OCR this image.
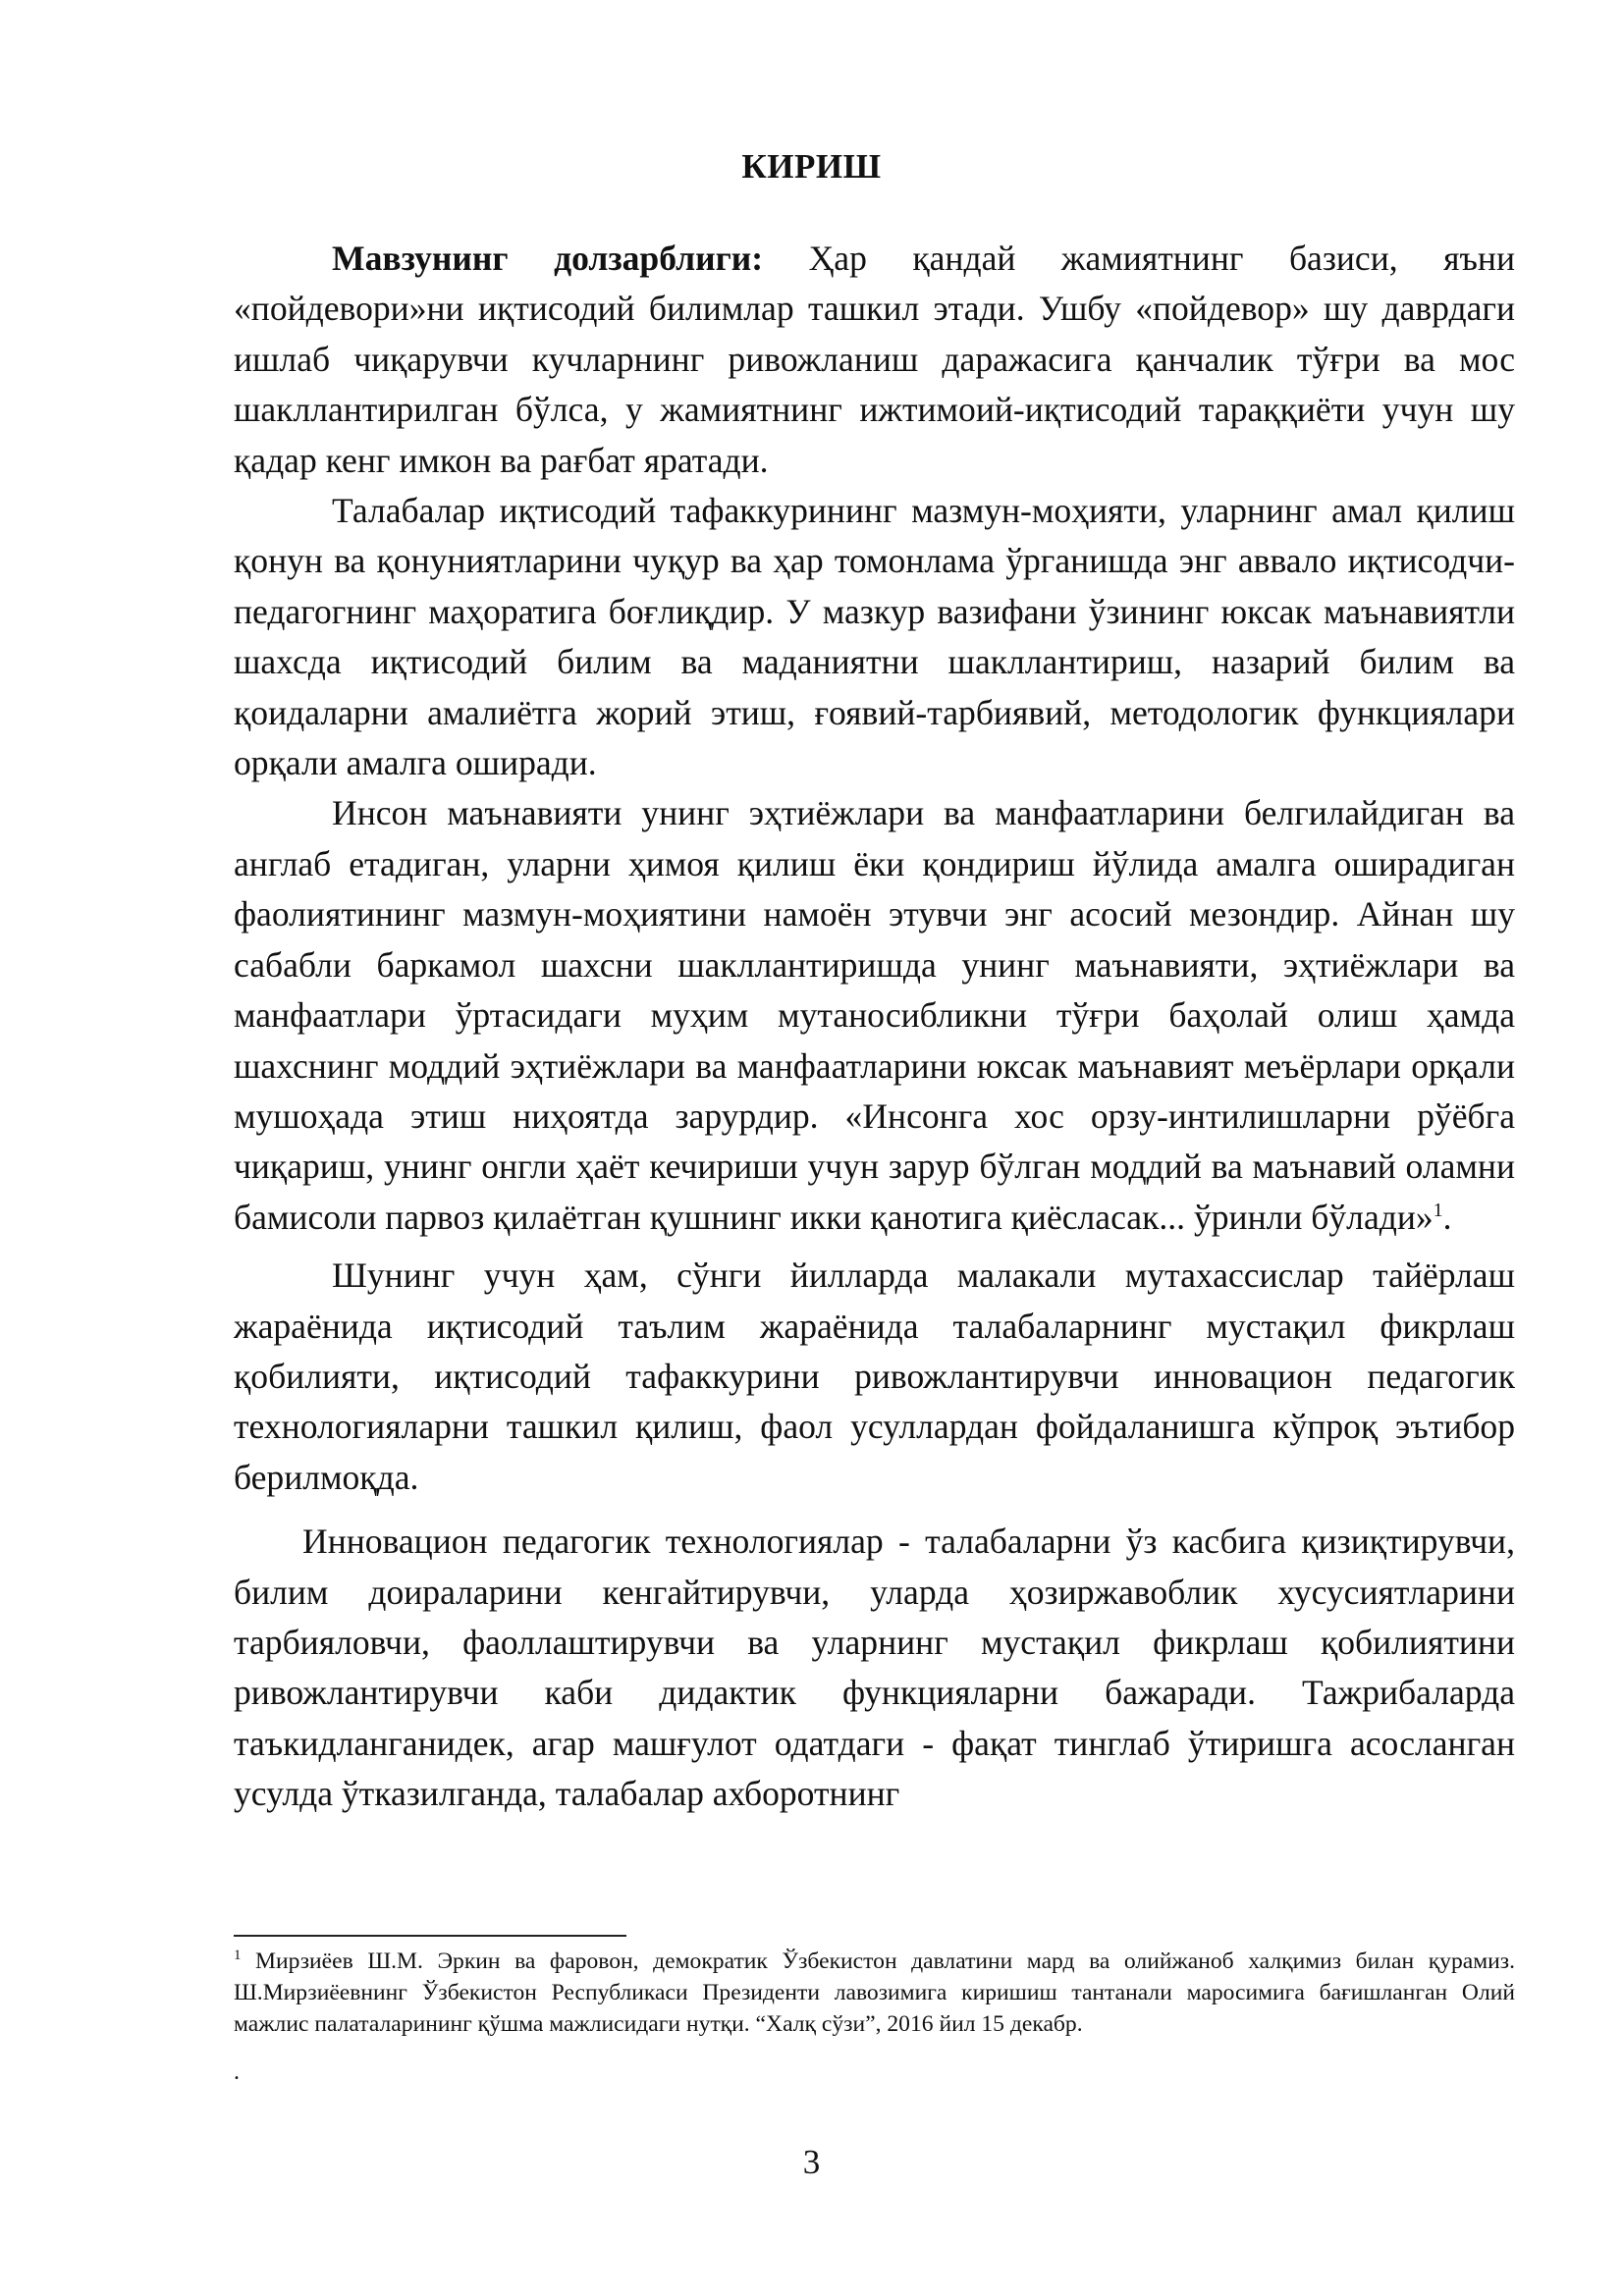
КИРИШ

Мавзунинг долзарблиги: Ҳар қандай жамиятнинг базиси, яъни «пойдевори»ни иқтисодий билимлар ташкил этади. Ушбу «пойдевор» шу даврдаги ишлаб чиқарувчи кучларнинг ривожланиш даражасига қанчалик тўғри ва мос шакллантирилган бўлса, у жамиятнинг ижтимоий-иқтисодий тараққиёти учун шу қадар кенг имкон ва рағбат яратади.

Талабалар иқтисодий тафаккурининг мазмун-моҳияти, уларнинг амал қилиш қонун ва қонуниятларини чуқур ва ҳар томонлама ўрганишда энг аввало иқтисодчи- педагогнинг маҳоратига боғлиқдир. У мазкур вазифани ўзининг юксак маънавиятли шахсда иқтисодий билим ва маданиятни шакллантириш, назарий билим ва қоидаларни амалиётга жорий этиш, ғоявий-тарбиявий, методологик функциялари орқали амалга оширади.

Инсон маънавияти унинг эҳтиёжлари ва манфаатларини белгилайдиган ва англаб етадиган, уларни ҳимоя қилиш ёки қондириш йўлида амалга оширадиган фаолиятининг мазмун-моҳиятини намоён этувчи энг асосий мезондир. Айнан шу сабабли баркамол шахсни шакллантиришда унинг маънавияти, эҳтиёжлари ва манфаатлари ўртасидаги муҳим мутаносибликни тўғри баҳолай олиш ҳамда шахснинг моддий эҳтиёжлари ва манфаатларини юксак маънавият меъёрлари орқали мушоҳада этиш ниҳоятда зарурдир. «Инсонга хос орзу-интилишларни рўёбга чиқариш, унинг онгли ҳаёт кечириши учун зарур бўлган моддий ва маънавий оламни бамисоли парвоз қилаётган қушнинг икки қанотига қиёсласак... ўринли бўлади»$^1$.

Шунинг учун ҳам, сўнги йилларда малакали мутахассислар тайёрлаш жараёнида иқтисодий таълим жараёнида талабаларнинг мустақил фикрлаш қобилияти, иқтисодий тафаккурини ривожлантирувчи инновацион педагогик технологияларни ташкил қилиш, фаол усуллардан фойдаланишга кўпроқ эътибор берилмоқда.

Инновацион педагогик технологиялар - талабаларни ўз касбига қизиқтирувчи, билим доираларини кенгайтирувчи, уларда ҳозиржавоблик хусусиятларини тарбияловчи, фаоллаштирувчи ва уларнинг мустақил фикрлаш қобилиятини ривожлантирувчи каби дидактик функцияларни бажаради. Тажрибаларда таъкидланганидек, агар машғулот одатдаги - фақат тинглаб ўтиришга асосланган усулда ўтказилганда, талабалар ахборотнинг

$^1$ Мирзиёев Ш.М. Эркин ва фаровон, демократик Ўзбекистон давлатини мард ва олийжаноб халқимиз билан қурамиз. Ш.Мирзиёевнинг Ўзбекистон Республикаси Президенти лавозимига киришиш тантанали маросимига бағишланган Олий мажлис палаталарининг қўшма мажлисидаги нутқи. “Халқ сўзи”, 2016 йил 15 декабр.
.
3
